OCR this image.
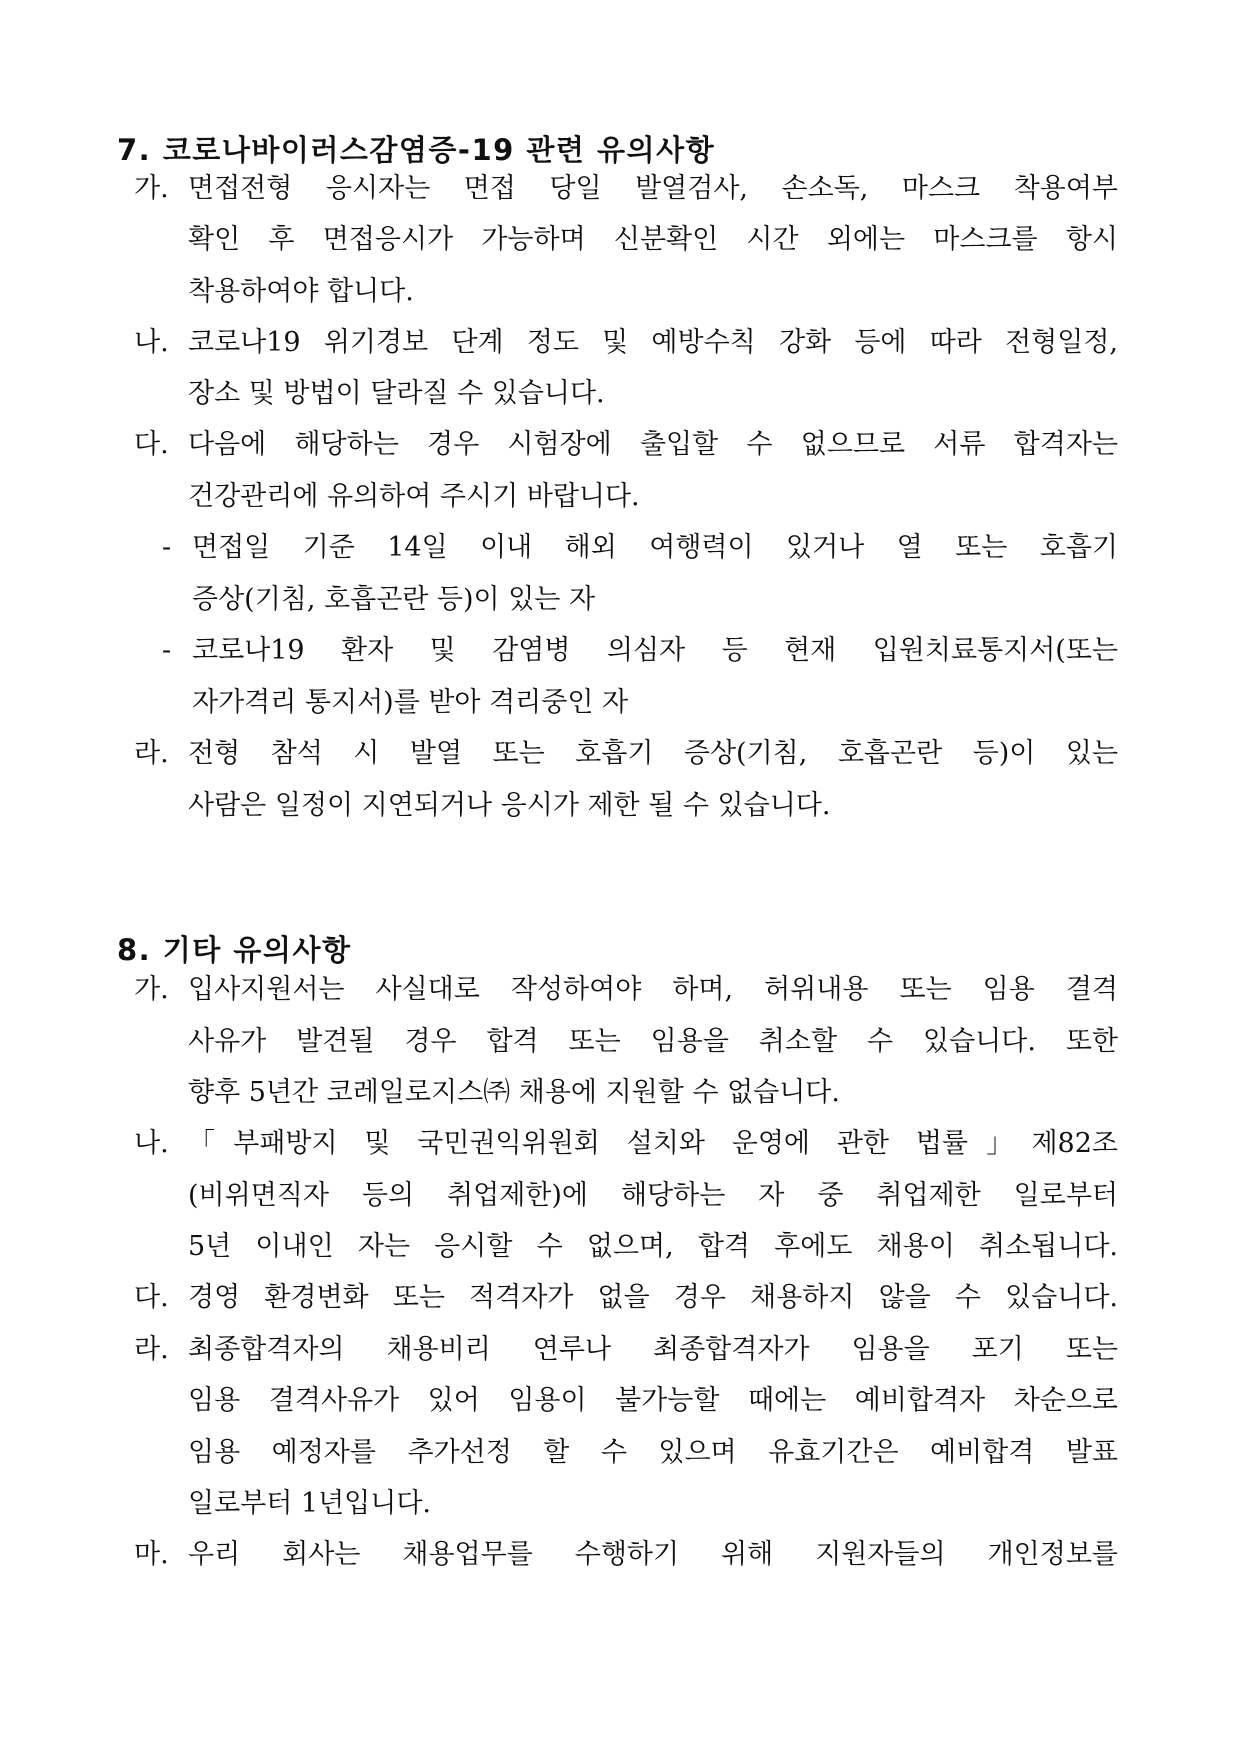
7. 코로나바이러스감염증-19 관련 유의사항
가. 면접전형 응시자는 면접 당일 발열검사, 손소독, 마스크 착용여부
확인 후 면접응시가 가능하며 신분확인 시간 외에는 마스크를 항시
착용하여야 합니다.
나. 코로나19 위기경보 단계 정도 및 예방수칙 강화 등에 따라 전형일정,
장소 및 방법이 달라질 수 있습니다.
다. 다음에 해당하는 경우 시험장에 출입할 수 없으므로 서류 합격자는
건강관리에 유의하여 주시기 바랍니다.
- 면접일 기준 14일 이내 해외 여행력이 있거나 열 또는 호흡기
증상(기침, 호흡곤란 등)이 있는 자
- 코로나19 환자 및 감염병 의심자 등 현재 입원치료통지서(또는
자가격리 통지서)를 받아 격리중인 자
라. 전형 참석 시 발열 또는 호흡기 증상(기침, 호흡곤란 등)이 있는
사람은 일정이 지연되거나 응시가 제한 될 수 있습니다.
8. 기타 유의사항
가. 입사지원서는 사실대로 작성하여야 하며, 허위내용 또는 임용 결격
사유가 발견될 경우 합격 또는 임용을 취소할 수 있습니다. 또한
향후 5년간 코레일로지스㈜ 채용에 지원할 수 없습니다.
나. 「부패방지 및 국민권익위원회 설치와 운영에 관한 법률」제82조
(비위면직자 등의 취업제한)에 해당하는 자 중 취업제한 일로부터
5년 이내인 자는 응시할 수 없으며, 합격 후에도 채용이 취소됩니다.
다. 경영 환경변화 또는 적격자가 없을 경우 채용하지 않을 수 있습니다.
라. 최종합격자의 채용비리 연루나 최종합격자가 임용을 포기 또는
임용 결격사유가 있어 임용이 불가능할 때에는 예비합격자 차순으로
임용 예정자를 추가선정 할 수 있으며 유효기간은 예비합격 발표
일로부터 1년입니다.
마. 우리 회사는 채용업무를 수행하기 위해 지원자들의 개인정보를
